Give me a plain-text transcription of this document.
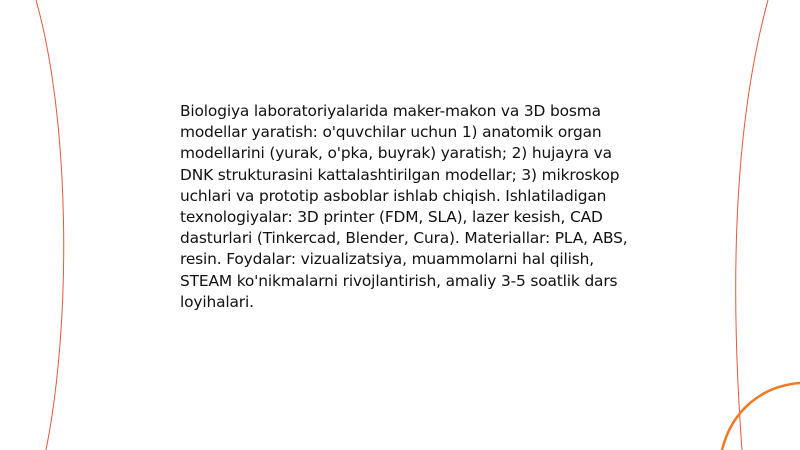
Biologiya laboratoriyalarida maker-makon va 3D bosma modellar yaratish: o'quvchilar uchun 1) anatomik organ modellarini (yurak, o'pka, buyrak) yaratish; 2) hujayra va DNK strukturasini kattalashtirilgan modellar; 3) mikroskop uchlari va prototip asboblar ishlab chiqish. Ishlatiladigan texnologiyalar: 3D printer (FDM, SLA), lazer kesish, CAD dasturlari (Tinkercad, Blender, Cura). Materiallar: PLA, ABS, resin. Foydalar: vizualizatsiya, muammolarni hal qilish, STEAM ko'nikmalarni rivojlantirish, amaliy 3-5 soatlik dars loyihalari.
